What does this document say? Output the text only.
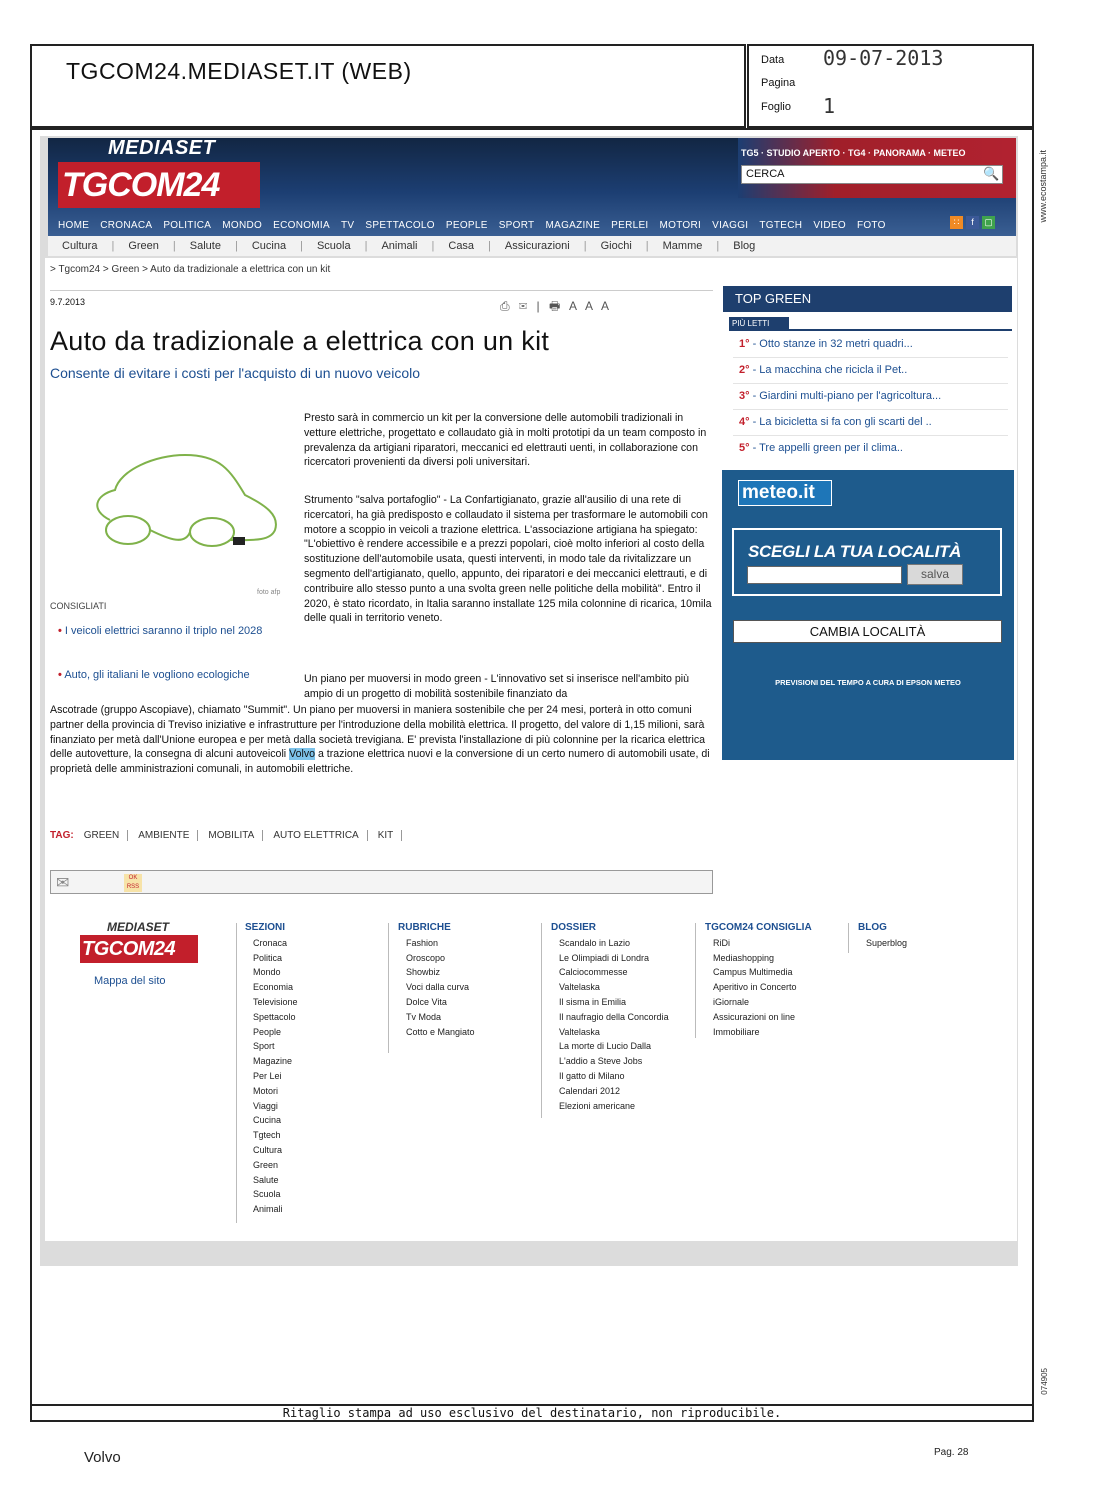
TGCOM24.MEDIASET.IT (WEB)	Data 09-07-2013
Pagina
Foglio 1
MEDIASET
TGCOM24
TG5 · STUDIO APERTO · TG4 · PANORAMA · METEO
CERCA	🔍
HOME CRONACA POLITICA MONDO ECONOMIA TV SPETTACOLO PEOPLE SPORT MAGAZINE PERLEI MOTORI VIAGGI TGTECH VIDEO FOTO	∷	f	▢
Cultura	|	Green	|	Salute	|	Cucina	|	Scuola	|	Animali	|	Casa	|	Assicurazioni	|	Giochi	|	Mamme	|	Blog
> Tgcom24 > Green > Auto da tradizionale a elettrica con un kit
9.7.2013	⎙ ✉ | 🖶 A A A
Auto da tradizionale a elettrica con un kit
Consente di evitare i costi per l'acquisto di un nuovo veicolo
foto afp
CONSIGLIATI
• I veicoli elettrici saranno il triplo nel 2028
• Auto, gli italiani le vogliono ecologiche

Presto sarà in commercio un kit per la conversione delle automobili tradizionali in vetture elettriche, progettato e collaudato già in molti prototipi da un team composto in prevalenza da artigiani riparatori, meccanici ed elettrauti uenti, in collaborazione con ricercatori provenienti da diversi poli universitari.

Strumento "salva portafoglio" - La Confartigianato, grazie all'ausilio di una rete di ricercatori, ha già predisposto e collaudato il sistema per trasformare le automobili con motore a scoppio in veicoli a trazione elettrica. L'associazione artigiana ha spiegato: "L'obiettivo è rendere accessibile e a prezzi popolari, cioè molto inferiori al costo della sostituzione dell'automobile usata, questi interventi, in modo tale da rivitalizzare un segmento dell'artigianato, quello, appunto, dei riparatori e dei meccanici elettrauti, e di contribuire allo stesso punto a una svolta green nelle politiche della mobilità". Entro il 2020, è stato ricordato, in Italia saranno installate 125 mila colonnine di ricarica, 10mila delle quali in territorio veneto.

Un piano per muoversi in modo green - L'innovativo set si inserisce nell'ambito più ampio di un progetto di mobilità sostenibile finanziato da

Ascotrade (gruppo Ascopiave), chiamato "Summit". Un piano per muoversi in maniera sostenibile che per 24 mesi, porterà in otto comuni partner della provincia di Treviso iniziative e infrastrutture per l'introduzione della mobilità elettrica. Il progetto, del valore di 1,15 milioni, sarà finanziato per metà dall'Unione europea e per metà dalla società trevigiana. E' prevista l'installazione di più colonnine per la ricarica elettrica delle autovetture, la consegna di alcuni autoveicoli Volvo a trazione elettrica nuovi e la conversione di un certo numero di automobili usate, di proprietà delle amministrazioni comunali, in automobili elettriche.

TAG: GREEN	AMBIENTE	MOBILITA	AUTO ELETTRICA	KIT
✉	OK RSS
TOP GREEN
PIÙ LETTI
1° - Otto stanze in 32 metri quadri...
2° - La macchina che ricicla il Pet..
3° - Giardini multi-piano per l'agricoltura...
4° - La bicicletta si fa con gli scarti del ..
5° - Tre appelli green per il clima..
meteo.it
SCEGLI LA TUA LOCALITÀ
salva
CAMBIA LOCALITÀ
PREVISIONI DEL TEMPO A CURA DI EPSON METEO
MEDIASET
TGCOM24
Mappa del sito
SEZIONI
Cronaca
Politica
Mondo
Economia
Televisione
Spettacolo
People
Sport
Magazine
Per Lei
Motori
Viaggi
Cucina
Tgtech
Cultura
Green
Salute
Scuola
Animali
RUBRICHE
Fashion
Oroscopo
Showbiz
Voci dalla curva
Dolce Vita
Tv Moda
Cotto e Mangiato
DOSSIER
Scandalo in Lazio
Le Olimpiadi di Londra
Calciocommesse
Valtelaska
Il sisma in Emilia
Il naufragio della Concordia
Valtelaska
La morte di Lucio Dalla
L'addio a Steve Jobs
Il gatto di Milano
Calendari 2012
Elezioni americane
TGCOM24 CONSIGLIA
RiDi
Mediashopping
Campus Multimedia
Aperitivo in Concerto
iGiornale
Assicurazioni on line
Immobiliare
BLOG
Superblog
www.ecostampa.it
074905
Ritaglio stampa ad uso esclusivo del destinatario, non riproducibile.
Volvo	Pag. 28
